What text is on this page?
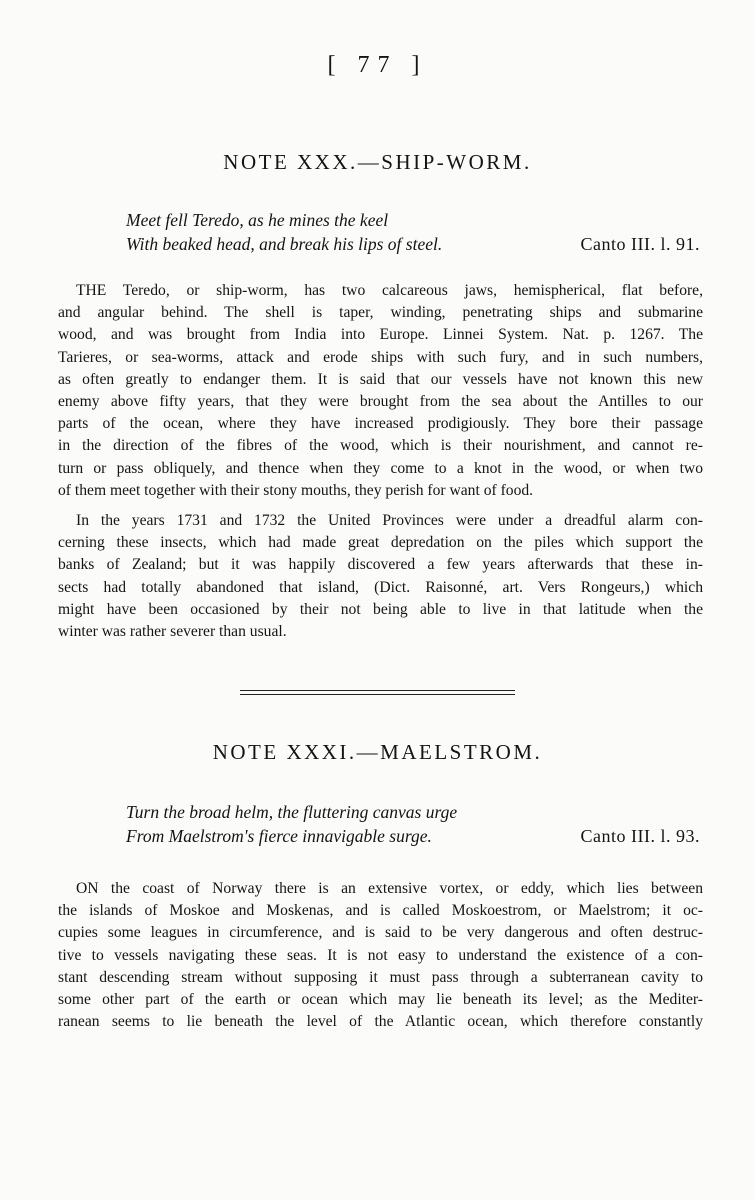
[ 77 ]
NOTE XXX.—SHIP-WORM.
Meet fell Teredo, as he mines the keel
With beaked head, and break his lips of steel.	Canto III. l. 91.
THE Teredo, or ship-worm, has two calcareous jaws, hemispherical, flat before,
and angular behind. The shell is taper, winding, penetrating ships and submarine
wood, and was brought from India into Europe. Linnei System. Nat. p. 1267. The
Tarieres, or sea-worms, attack and erode ships with such fury, and in such numbers,
as often greatly to endanger them. It is said that our vessels have not known this new
enemy above fifty years, that they were brought from the sea about the Antilles to our
parts of the ocean, where they have increased prodigiously. They bore their passage
in the direction of the fibres of the wood, which is their nourishment, and cannot re-
turn or pass obliquely, and thence when they come to a knot in the wood, or when two
of them meet together with their stony mouths, they perish for want of food.
In the years 1731 and 1732 the United Provinces were under a dreadful alarm con-
cerning these insects, which had made great depredation on the piles which support the
banks of Zealand; but it was happily discovered a few years afterwards that these in-
sects had totally abandoned that island, (Dict. Raisonné, art. Vers Rongeurs,) which
might have been occasioned by their not being able to live in that latitude when the
winter was rather severer than usual.
NOTE XXXI.—MAELSTROM.
Turn the broad helm, the fluttering canvas urge
From Maelstrom's fierce innavigable surge.	Canto III. l. 93.
ON the coast of Norway there is an extensive vortex, or eddy, which lies between
the islands of Moskoe and Moskenas, and is called Moskoestrom, or Maelstrom; it oc-
cupies some leagues in circumference, and is said to be very dangerous and often destruc-
tive to vessels navigating these seas. It is not easy to understand the existence of a con-
stant descending stream without supposing it must pass through a subterranean cavity to
some other part of the earth or ocean which may lie beneath its level; as the Mediter-
ranean seems to lie beneath the level of the Atlantic ocean, which therefore constantly
